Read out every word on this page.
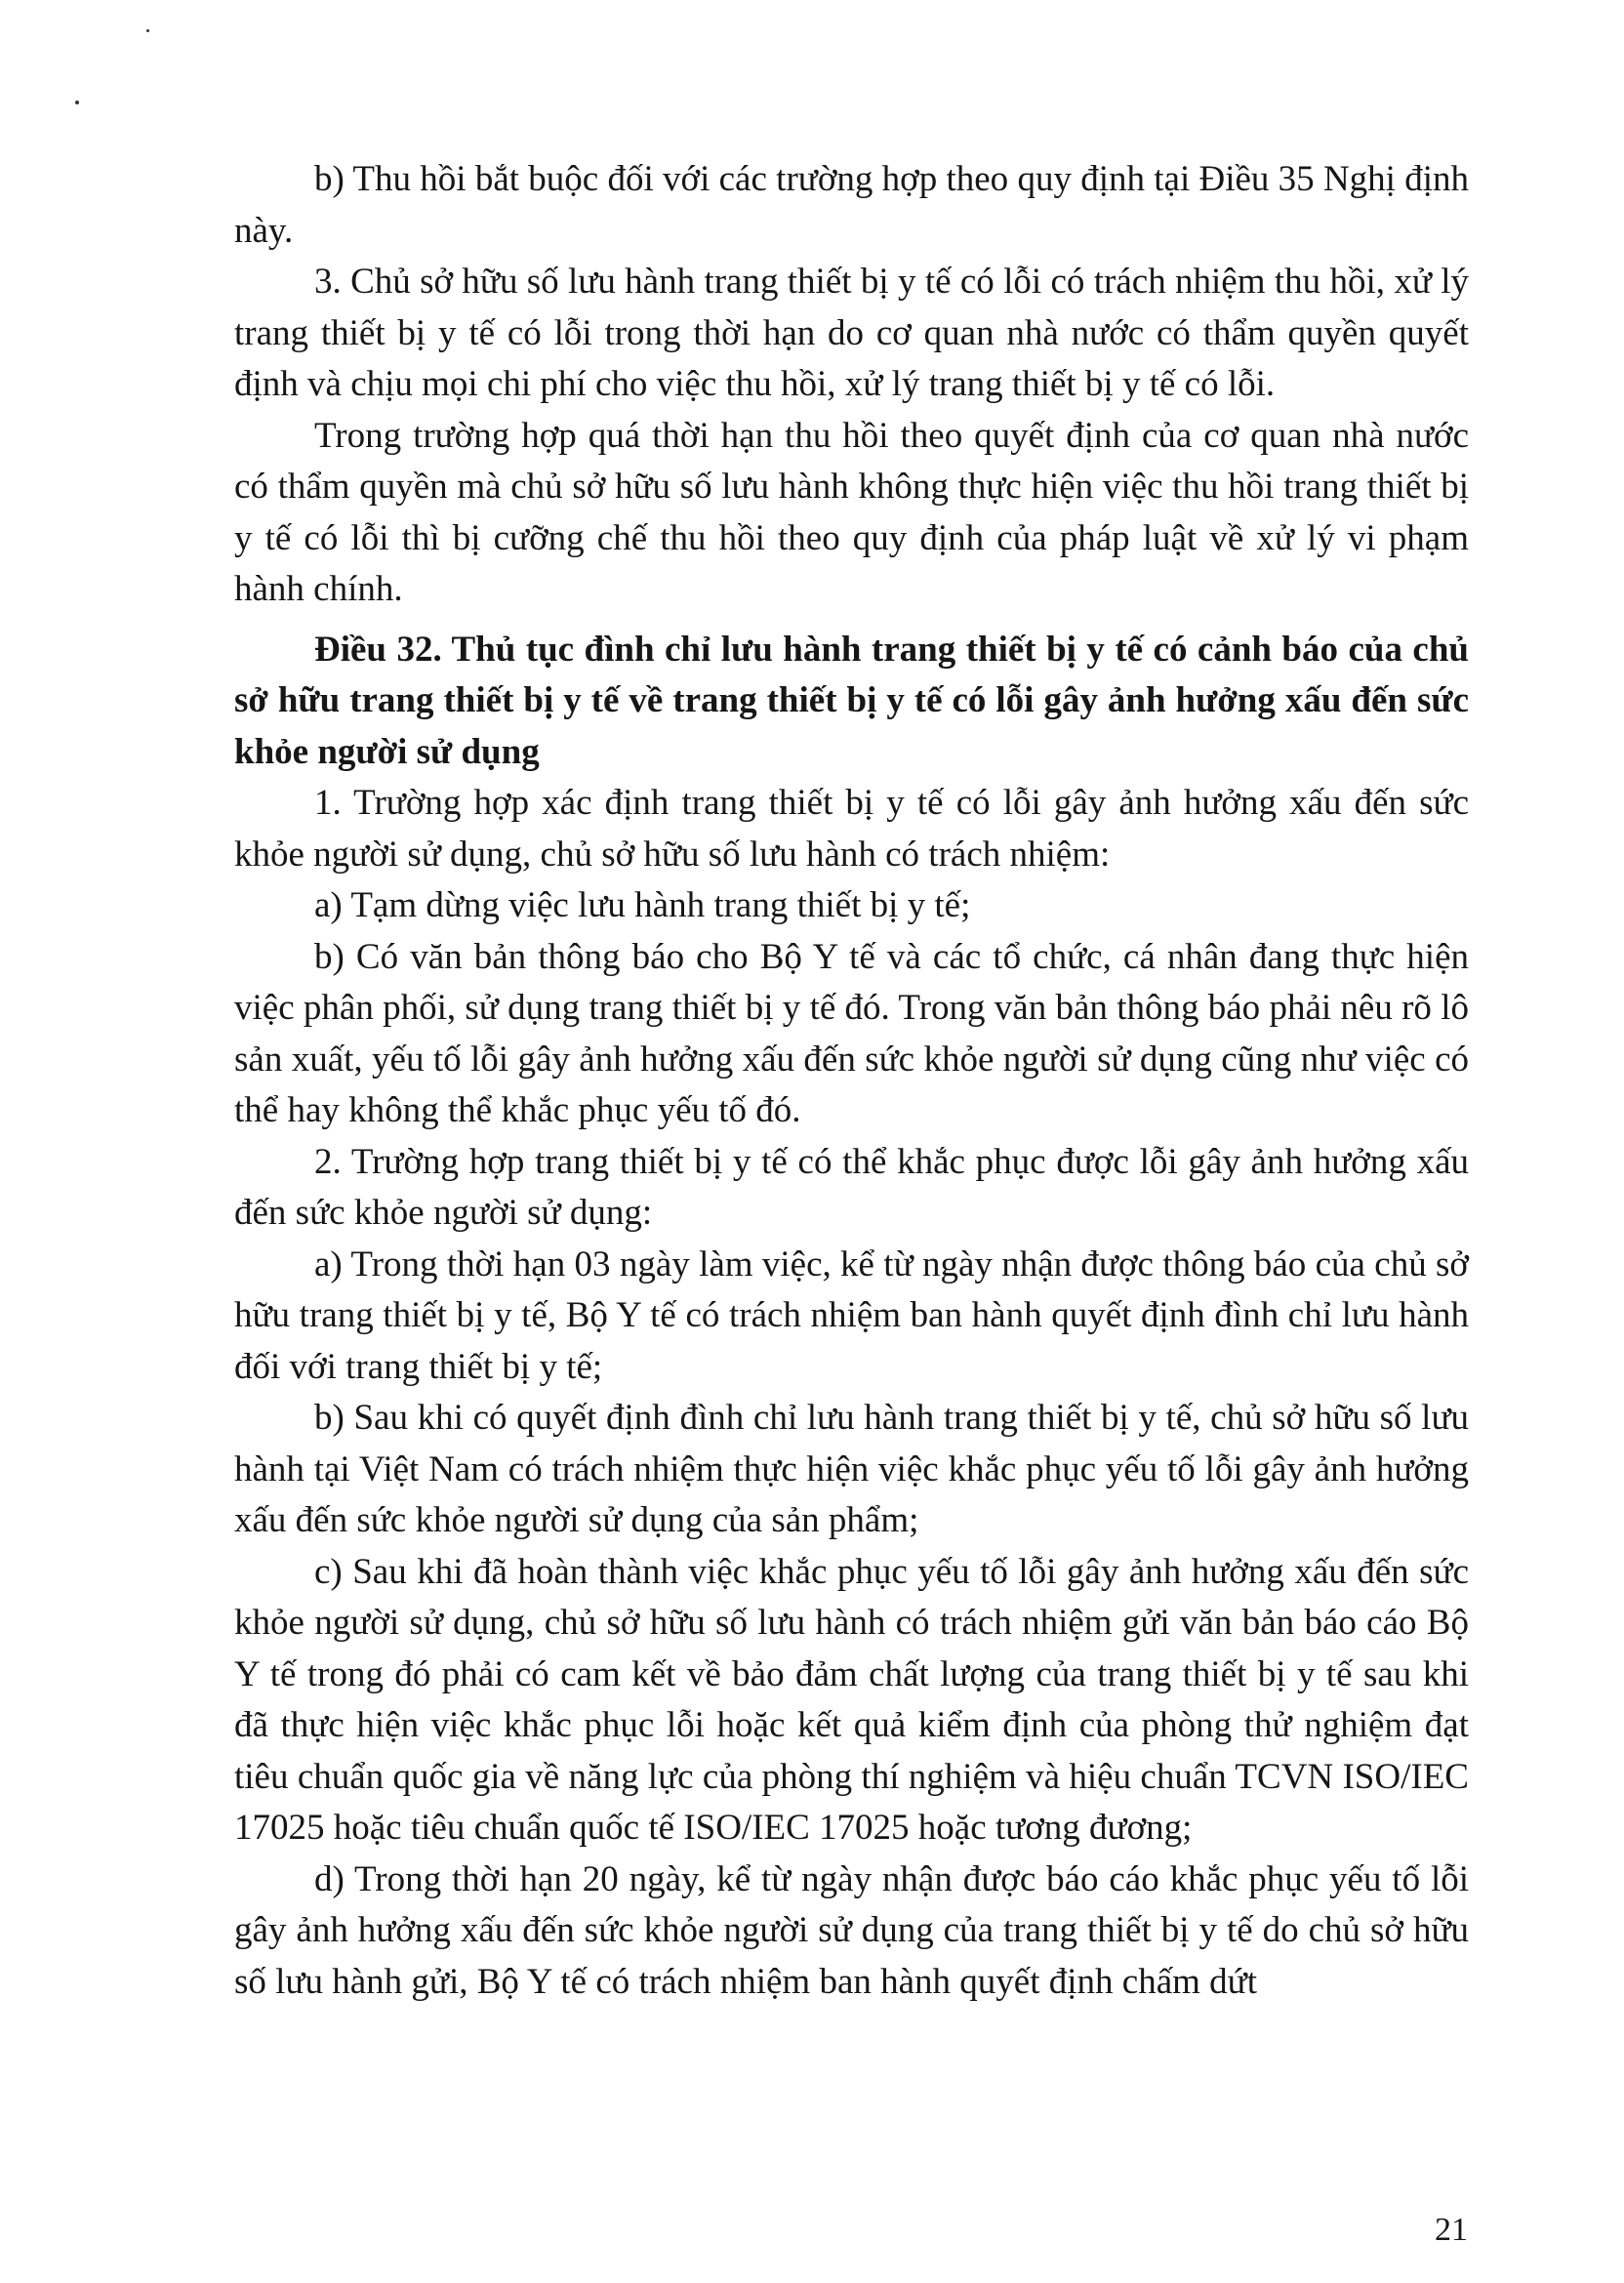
b) Thu hồi bắt buộc đối với các trường hợp theo quy định tại Điều 35 Nghị định này.

3. Chủ sở hữu số lưu hành trang thiết bị y tế có lỗi có trách nhiệm thu hồi, xử lý trang thiết bị y tế có lỗi trong thời hạn do cơ quan nhà nước có thẩm quyền quyết định và chịu mọi chi phí cho việc thu hồi, xử lý trang thiết bị y tế có lỗi.

Trong trường hợp quá thời hạn thu hồi theo quyết định của cơ quan nhà nước có thẩm quyền mà chủ sở hữu số lưu hành không thực hiện việc thu hồi trang thiết bị y tế có lỗi thì bị cưỡng chế thu hồi theo quy định của pháp luật về xử lý vi phạm hành chính.

Điều 32. Thủ tục đình chỉ lưu hành trang thiết bị y tế có cảnh báo của chủ sở hữu trang thiết bị y tế về trang thiết bị y tế có lỗi gây ảnh hưởng xấu đến sức khỏe người sử dụng

1. Trường hợp xác định trang thiết bị y tế có lỗi gây ảnh hưởng xấu đến sức khỏe người sử dụng, chủ sở hữu số lưu hành có trách nhiệm:

a) Tạm dừng việc lưu hành trang thiết bị y tế;

b) Có văn bản thông báo cho Bộ Y tế và các tổ chức, cá nhân đang thực hiện việc phân phối, sử dụng trang thiết bị y tế đó. Trong văn bản thông báo phải nêu rõ lô sản xuất, yếu tố lỗi gây ảnh hưởng xấu đến sức khỏe người sử dụng cũng như việc có thể hay không thể khắc phục yếu tố đó.

2. Trường hợp trang thiết bị y tế có thể khắc phục được lỗi gây ảnh hưởng xấu đến sức khỏe người sử dụng:

a) Trong thời hạn 03 ngày làm việc, kể từ ngày nhận được thông báo của chủ sở hữu trang thiết bị y tế, Bộ Y tế có trách nhiệm ban hành quyết định đình chỉ lưu hành đối với trang thiết bị y tế;

b) Sau khi có quyết định đình chỉ lưu hành trang thiết bị y tế, chủ sở hữu số lưu hành tại Việt Nam có trách nhiệm thực hiện việc khắc phục yếu tố lỗi gây ảnh hưởng xấu đến sức khỏe người sử dụng của sản phẩm;

c) Sau khi đã hoàn thành việc khắc phục yếu tố lỗi gây ảnh hưởng xấu đến sức khỏe người sử dụng, chủ sở hữu số lưu hành có trách nhiệm gửi văn bản báo cáo Bộ Y tế trong đó phải có cam kết về bảo đảm chất lượng của trang thiết bị y tế sau khi đã thực hiện việc khắc phục lỗi hoặc kết quả kiểm định của phòng thử nghiệm đạt tiêu chuẩn quốc gia về năng lực của phòng thí nghiệm và hiệu chuẩn TCVN ISO/IEC 17025 hoặc tiêu chuẩn quốc tế ISO/IEC 17025 hoặc tương đương;

d) Trong thời hạn 20 ngày, kể từ ngày nhận được báo cáo khắc phục yếu tố lỗi gây ảnh hưởng xấu đến sức khỏe người sử dụng của trang thiết bị y tế do chủ sở hữu số lưu hành gửi, Bộ Y tế có trách nhiệm ban hành quyết định chấm dứt

21
